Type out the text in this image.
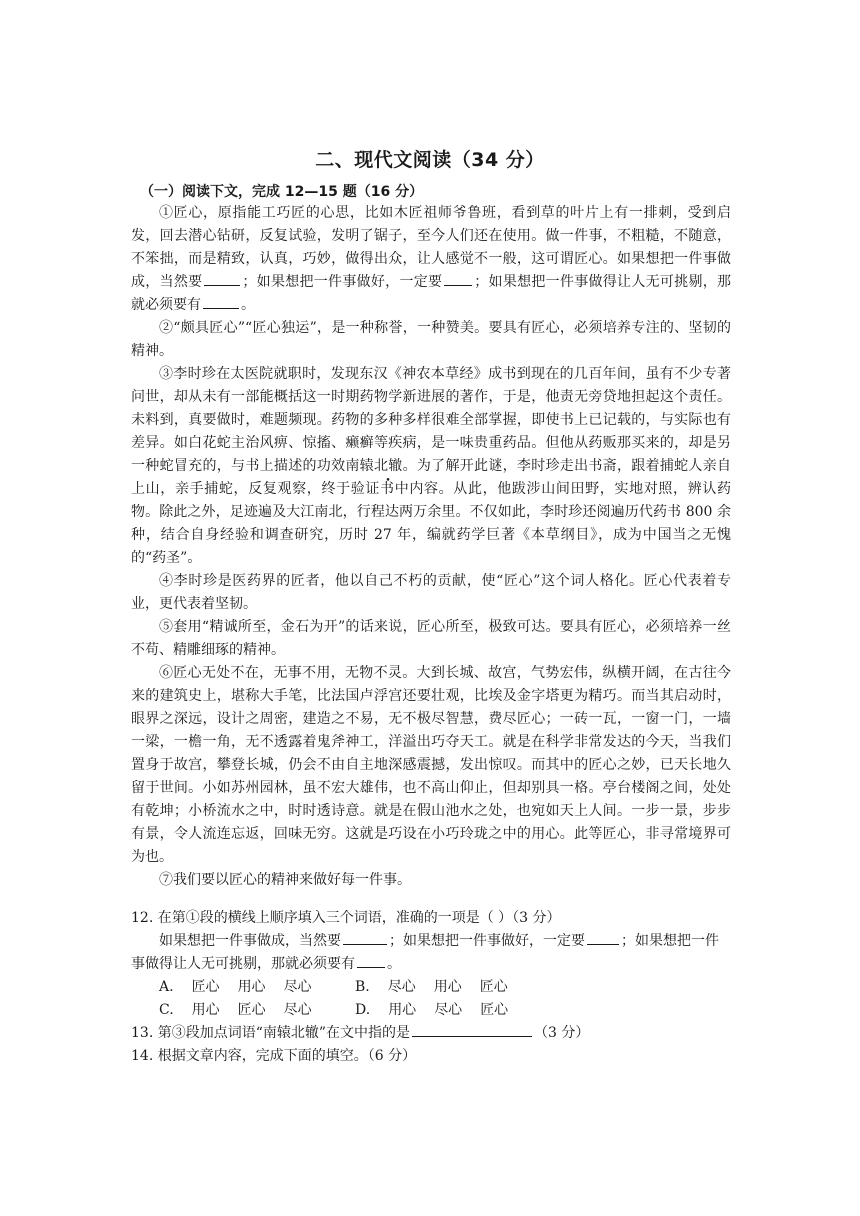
二、现代文阅读（34 分）
（一）阅读下文，完成 12—15 题（16 分）

①匠心，原指能工巧匠的心思，比如木匠祖师爷鲁班，看到草的叶片上有一排刺，受到启发，回去潜心钻研，反复试验，发明了锯子，至今人们还在使用。做一件事，不粗糙，不随意，不笨拙，而是精致，认真，巧妙，做得出众，让人感觉不一般，这可谓匠心。如果想把一件事做成，当然要	；如果想把一件事做好，一定要 ；如果想把一件事做得让人无可挑剔，那就必须要有	。

②“颇具匠心”“匠心独运”，是一种称誉，一种赞美。要具有匠心，必须培养专注的、坚韧的精神。

③李时珍在太医院就职时，发现东汉《神农本草经》成书到现在的几百年间，虽有不少专著问世，却从未有一部能概括这一时期药物学新进展的著作，于是，他责无旁贷地担起这个责任。未料到，真要做时，难题频现。药物的多种多样很难全部掌握，即使书上已记载的，与实际也有差异。如白花蛇主治风痹、惊搐、癞癣等疾病，是一味贵重药品。但他从药贩那买来的，却是另一种蛇冒充的，与书上描述的功效南辕北辙。为了解开此谜，李时珍走出书斋，跟着捕蛇人亲自上山，亲手捕蛇，反复观察，终于验证书中内容。从此，他跋涉山间田野，实地对照，辨认药物。除此之外，足迹遍及大江南北，行程达两万余里。不仅如此，李时珍还阅遍历代药书 800 余种，结合自身经验和调查研究，历时 27 年，编就药学巨著《本草纲目》，成为中国当之无愧的“药圣”。

④李时珍是医药界的匠者，他以自己不朽的贡献，使“匠心”这个词人格化。匠心代表着专业，更代表着坚韧。

⑤套用“精诚所至，金石为开”的话来说，匠心所至，极致可达。要具有匠心，必须培养一丝不苟、精雕细琢的精神。

⑥匠心无处不在，无事不用，无物不灵。大到长城、故宫，气势宏伟，纵横开阔，在古往今来的建筑史上，堪称大手笔，比法国卢浮宫还要壮观，比埃及金字塔更为精巧。而当其启动时，眼界之深远，设计之周密，建造之不易，无不极尽智慧，费尽匠心；一砖一瓦，一窗一门，一墙一梁，一檐一角，无不透露着鬼斧神工，洋溢出巧夺天工。就是在科学非常发达的今天，当我们置身于故宫，攀登长城，仍会不由自主地深感震撼，发出惊叹。而其中的匠心之妙，已天长地久留于世间。小如苏州园林，虽不宏大雄伟，也不高山仰止，但却别具一格。亭台楼阁之间，处处有乾坤；小桥流水之中，时时透诗意。就是在假山池水之处，也宛如天上人间。一步一景，步步有景，令人流连忘返，回味无穷。这就是巧设在小巧玲珑之中的用心。此等匠心，非寻常境界可为也。

⑦我们要以匠心的精神来做好每一件事。

12. 在第①段的横线上顺序填入三个词语，准确的一项是（ ）（3 分）

如果想把一件事做成，当然要	；如果想把一件事做好，一定要	；如果想把一件事做得让人无可挑剔，那就必须要有 。

A. 匠心 用心 尽心	B. 尽心 用心 匠心

C. 用心 匠心 尽心	D. 用心 尽心 匠心

13. 第③段加点词语“南辕北辙”在文中指的是	（3 分）

14. 根据文章内容，完成下面的填空。（6 分）
